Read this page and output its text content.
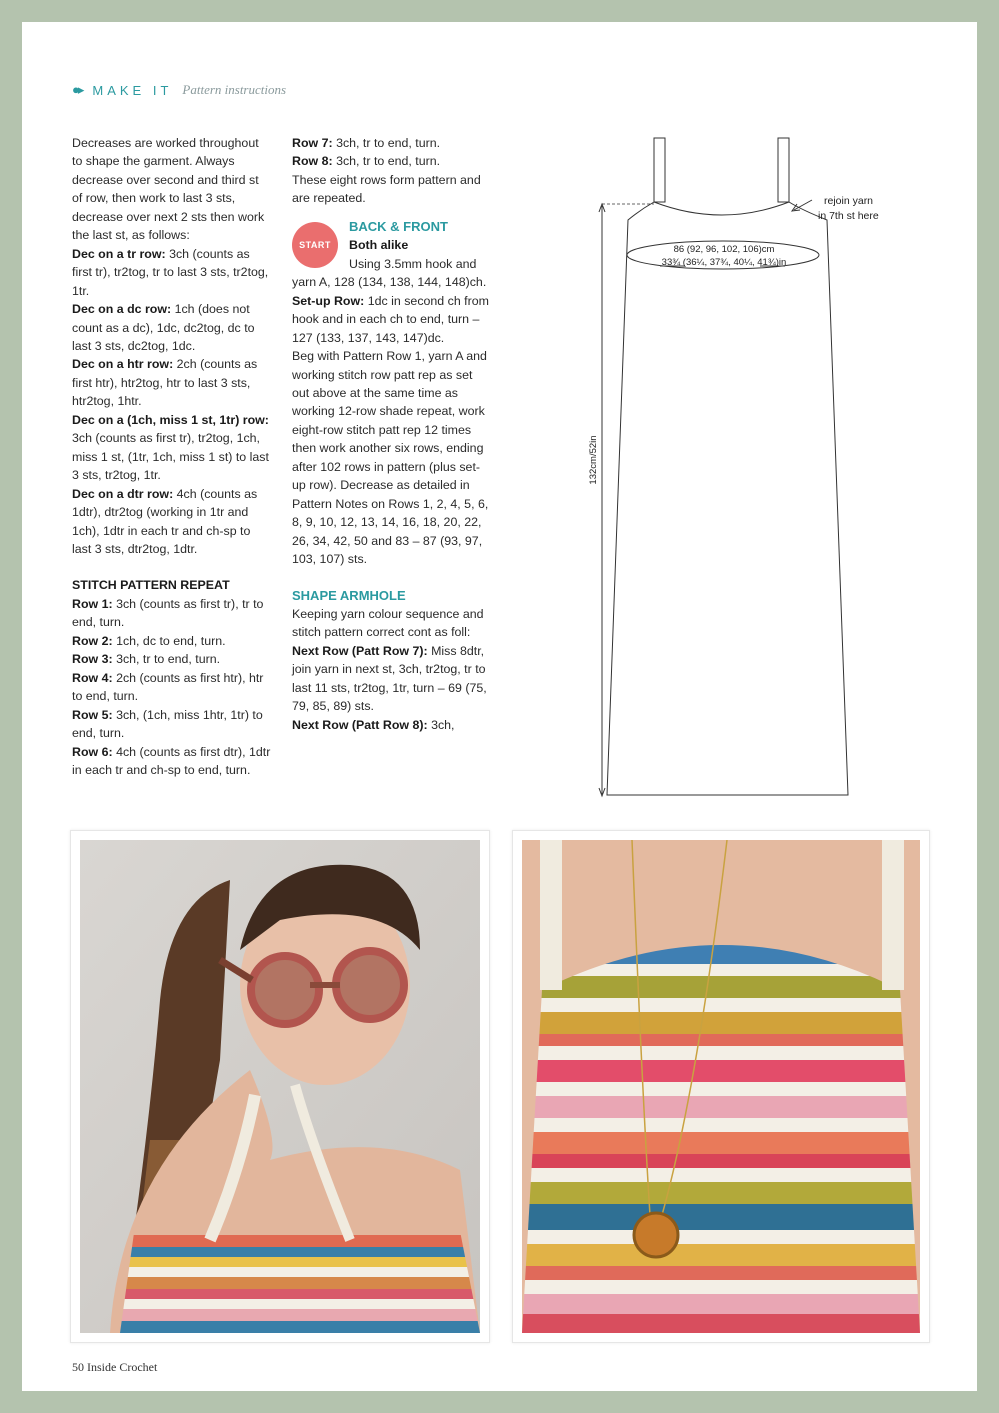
●▸ MAKE IT Pattern instructions

Decreases are worked throughout to shape the garment. Always decrease over second and third st of row, then work to last 3 sts, decrease over next 2 sts then work the last st, as follows:

Dec on a tr row: 3ch (counts as first tr), tr2tog, tr to last 3 sts, tr2tog, 1tr.

Dec on a dc row: 1ch (does not count as a dc), 1dc, dc2tog, dc to last 3 sts, dc2tog, 1dc.

Dec on a htr row: 2ch (counts as first htr), htr2tog, htr to last 3 sts, htr2tog, 1htr.

Dec on a (1ch, miss 1 st, 1tr) row: 3ch (counts as first tr), tr2tog, 1ch, miss 1 st, (1tr, 1ch, miss 1 st) to last 3 sts, tr2tog, 1tr.

Dec on a dtr row: 4ch (counts as 1dtr), dtr2tog (working in 1tr and 1ch), 1dtr in each tr and ch-sp to last 3 sts, dtr2tog, 1dtr.

STITCH PATTERN REPEAT

Row 1: 3ch (counts as first tr), tr to end, turn.

Row 2: 1ch, dc to end, turn.

Row 3: 3ch, tr to end, turn.

Row 4: 2ch (counts as first htr), htr to end, turn.

Row 5: 3ch, (1ch, miss 1htr, 1tr) to end, turn.

Row 6: 4ch (counts as first dtr), 1dtr in each tr and ch-sp to end, turn.

Row 7: 3ch, tr to end, turn.

Row 8: 3ch, tr to end, turn.

These eight rows form pattern and are repeated.

START

BACK & FRONT

Both alike

Using 3.5mm hook and yarn A, 128 (134, 138, 144, 148)ch.

Set-up Row: 1dc in second ch from hook and in each ch to end, turn – 127 (133, 137, 143, 147)dc.

Beg with Pattern Row 1, yarn A and working stitch row patt rep as set out above at the same time as working 12-row shade repeat, work eight-row stitch patt rep 12 times then work another six rows, ending after 102 rows in pattern (plus set-up row). Decrease as detailed in Pattern Notes on Rows 1, 2, 4, 5, 6, 8, 9, 10, 12, 13, 14, 16, 18, 20, 22, 26, 34, 42, 50 and 83 – 87 (93, 97, 103, 107) sts.

SHAPE ARMHOLE

Keeping yarn colour sequence and stitch pattern correct cont as foll:

Next Row (Patt Row 7): Miss 8dtr, join yarn in next st, 3ch, tr2tog, tr to last 11 sts, tr2tog, 1tr, turn – 69 (75, 79, 85, 89) sts.

Next Row (Patt Row 8): 3ch,

86 (92, 96, 102, 106)cm
33¾ (36¼, 37¾, 40¼, 41¾)in
132cm/52in
rejoin yarn
in 7th st here
50 Inside Crochet
